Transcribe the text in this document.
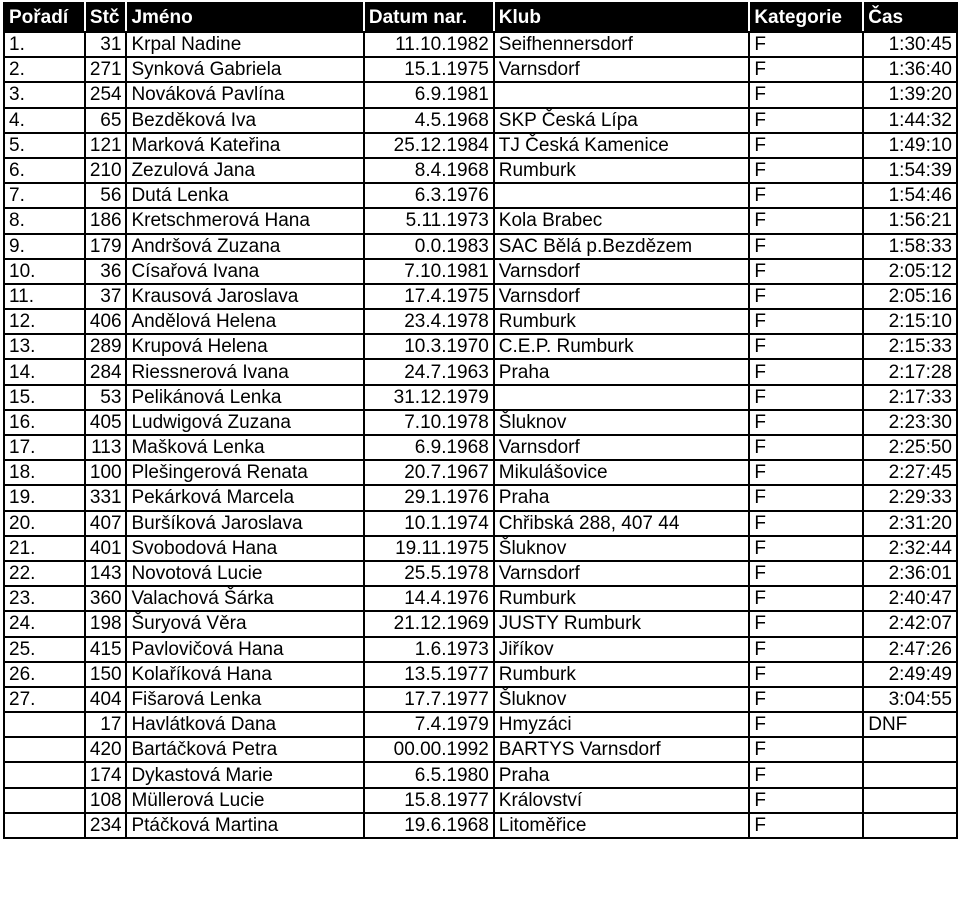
Pořadí	Stč	Jméno	Datum nar.	Klub	Kategorie	Čas
1.	31	Krpal Nadine	11.10.1982	Seifhennersdorf	F	1:30:45
2.	271	Synková Gabriela	15.1.1975	Varnsdorf	F	1:36:40
3.	254	Nováková Pavlína	6.9.1981		F	1:39:20
4.	65	Bezděková Iva	4.5.1968	SKP Česká Lípa	F	1:44:32
5.	121	Marková Kateřina	25.12.1984	TJ Česká Kamenice	F	1:49:10
6.	210	Zezulová Jana	8.4.1968	Rumburk	F	1:54:39
7.	56	Dutá Lenka	6.3.1976		F	1:54:46
8.	186	Kretschmerová Hana	5.11.1973	Kola Brabec	F	1:56:21
9.	179	Andršová Zuzana	0.0.1983	SAC Bělá p.Bezdězem	F	1:58:33
10.	36	Císařová Ivana	7.10.1981	Varnsdorf	F	2:05:12
11.	37	Krausová Jaroslava	17.4.1975	Varnsdorf	F	2:05:16
12.	406	Andělová Helena	23.4.1978	Rumburk	F	2:15:10
13.	289	Krupová Helena	10.3.1970	C.E.P. Rumburk	F	2:15:33
14.	284	Riessnerová Ivana	24.7.1963	Praha	F	2:17:28
15.	53	Pelikánová Lenka	31.12.1979		F	2:17:33
16.	405	Ludwigová Zuzana	7.10.1978	Šluknov	F	2:23:30
17.	113	Mašková Lenka	6.9.1968	Varnsdorf	F	2:25:50
18.	100	Plešingerová Renata	20.7.1967	Mikulášovice	F	2:27:45
19.	331	Pekárková Marcela	29.1.1976	Praha	F	2:29:33
20.	407	Buršíková Jaroslava	10.1.1974	Chřibská 288, 407 44	F	2:31:20
21.	401	Svobodová Hana	19.11.1975	Šluknov	F	2:32:44
22.	143	Novotová Lucie	25.5.1978	Varnsdorf	F	2:36:01
23.	360	Valachová Šárka	14.4.1976	Rumburk	F	2:40:47
24.	198	Šuryová Věra	21.12.1969	JUSTY Rumburk	F	2:42:07
25.	415	Pavlovičová Hana	1.6.1973	Jiříkov	F	2:47:26
26.	150	Kolaříková Hana	13.5.1977	Rumburk	F	2:49:49
27.	404	Fišarová Lenka	17.7.1977	Šluknov	F	3:04:55
	17	Havlátková Dana	7.4.1979	Hmyzáci	F	DNF
	420	Bartáčková Petra	00.00.1992	BARTYS Varnsdorf	F	
	174	Dykastová Marie	6.5.1980	Praha	F	
	108	Müllerová Lucie	15.8.1977	Království	F	
	234	Ptáčková Martina	19.6.1968	Litoměřice	F	
